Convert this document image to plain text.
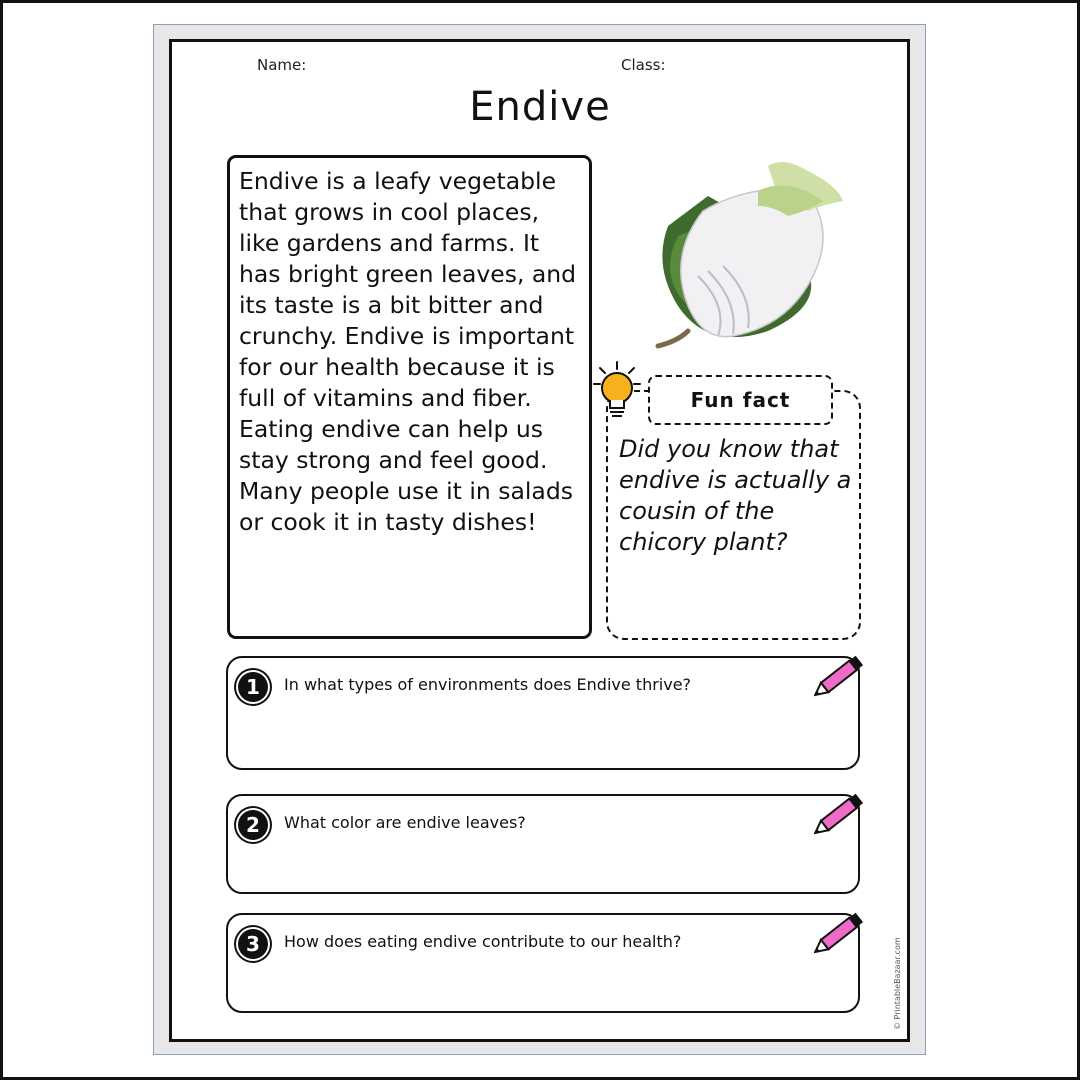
Name:	Class:
Endive
Endive is a leafy vegetable that grows in cool places, like gardens and farms. It has bright green leaves, and its taste is a bit bitter and crunchy. Endive is important for our health because it is full of vitamins and fiber. Eating endive can help us stay strong and feel good. Many people use it in salads or cook it in tasty dishes!
Fun fact
Did you know that endive is actually a cousin of the chicory plant?
1	In what types of environments does Endive thrive?
2	What color are endive leaves?
3	How does eating endive contribute to our health?	© PrintableBazaar.com
